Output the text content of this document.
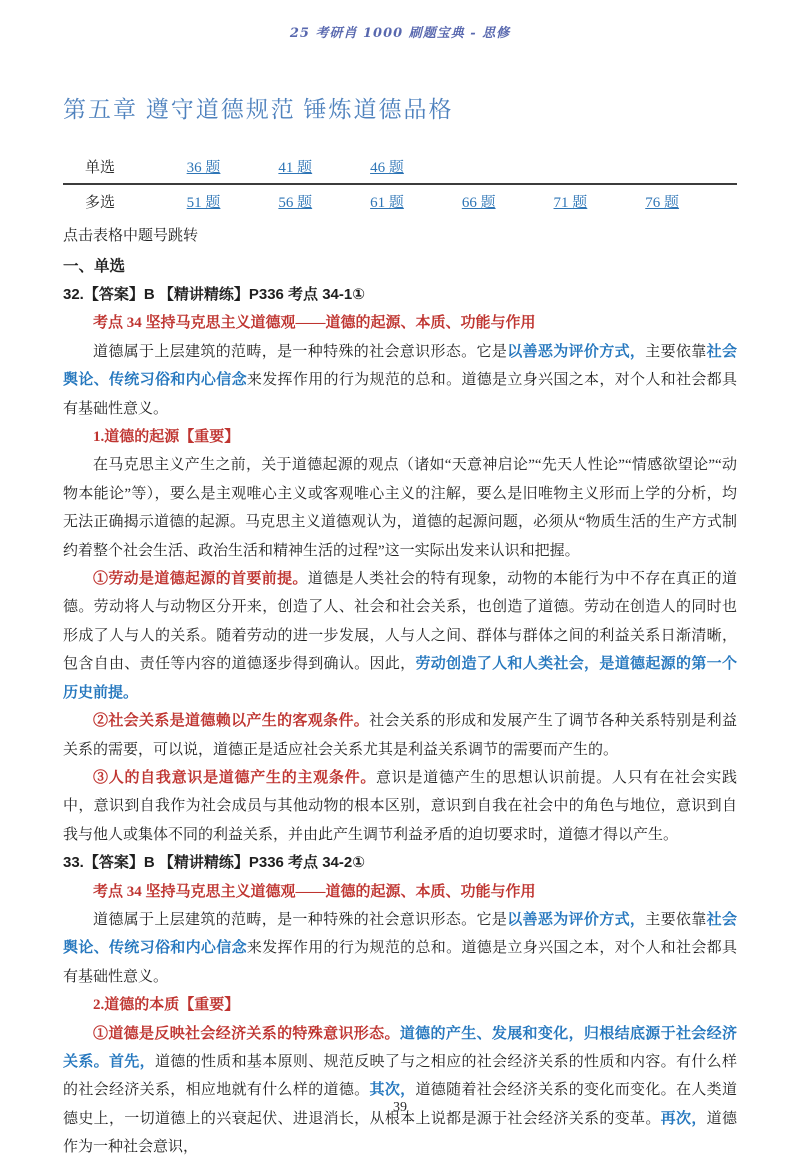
25 考研肖 1000 刷题宝典 - 思修
第五章 遵守道德规范 锤炼道德品格
单选	36 题	41 题	46 题			
多选	51 题	56 题	61 题	66 题	71 题	76 题
点击表格中题号跳转
一、单选
32.【答案】B 【精讲精练】P336 考点 34-1①
考点 34 坚持马克思主义道德观——道德的起源、本质、功能与作用
道德属于上层建筑的范畴，是一种特殊的社会意识形态。它是以善恶为评价方式，主要依靠社会舆论、传统习俗和内心信念来发挥作用的行为规范的总和。道德是立身兴国之本，对个人和社会都具有基础性意义。
1.道德的起源【重要】
在马克思主义产生之前，关于道德起源的观点（诸如“天意神启论”“先天人性论”“情感欲望论”“动物本能论”等），要么是主观唯心主义或客观唯心主义的注解，要么是旧唯物主义形而上学的分析，均无法正确揭示道德的起源。马克思主义道德观认为，道德的起源问题，必须从“物质生活的生产方式制约着整个社会生活、政治生活和精神生活的过程”这一实际出发来认识和把握。
①劳动是道德起源的首要前提。道德是人类社会的特有现象，动物的本能行为中不存在真正的道德。劳动将人与动物区分开来，创造了人、社会和社会关系，也创造了道德。劳动在创造人的同时也形成了人与人的关系。随着劳动的进一步发展，人与人之间、群体与群体之间的利益关系日渐清晰，包含自由、责任等内容的道德逐步得到确认。因此，劳动创造了人和人类社会，是道德起源的第一个历史前提。
②社会关系是道德赖以产生的客观条件。社会关系的形成和发展产生了调节各种关系特别是利益关系的需要，可以说，道德正是适应社会关系尤其是利益关系调节的需要而产生的。
③人的自我意识是道德产生的主观条件。意识是道德产生的思想认识前提。人只有在社会实践中，意识到自我作为社会成员与其他动物的根本区别，意识到自我在社会中的角色与地位，意识到自我与他人或集体不同的利益关系，并由此产生调节利益矛盾的迫切要求时，道德才得以产生。
33.【答案】B 【精讲精练】P336 考点 34-2①
考点 34 坚持马克思主义道德观——道德的起源、本质、功能与作用
道德属于上层建筑的范畴，是一种特殊的社会意识形态。它是以善恶为评价方式，主要依靠社会舆论、传统习俗和内心信念来发挥作用的行为规范的总和。道德是立身兴国之本，对个人和社会都具有基础性意义。
2.道德的本质【重要】
①道德是反映社会经济关系的特殊意识形态。道德的产生、发展和变化，归根结底源于社会经济关系。首先，道德的性质和基本原则、规范反映了与之相应的社会经济关系的性质和内容。有什么样的社会经济关系，相应地就有什么样的道德。其次，道德随着社会经济关系的变化而变化。在人类道德史上，一切道德上的兴衰起伏、进退消长，从根本上说都是源于社会经济关系的变革。再次，道德作为一种社会意识，
39
